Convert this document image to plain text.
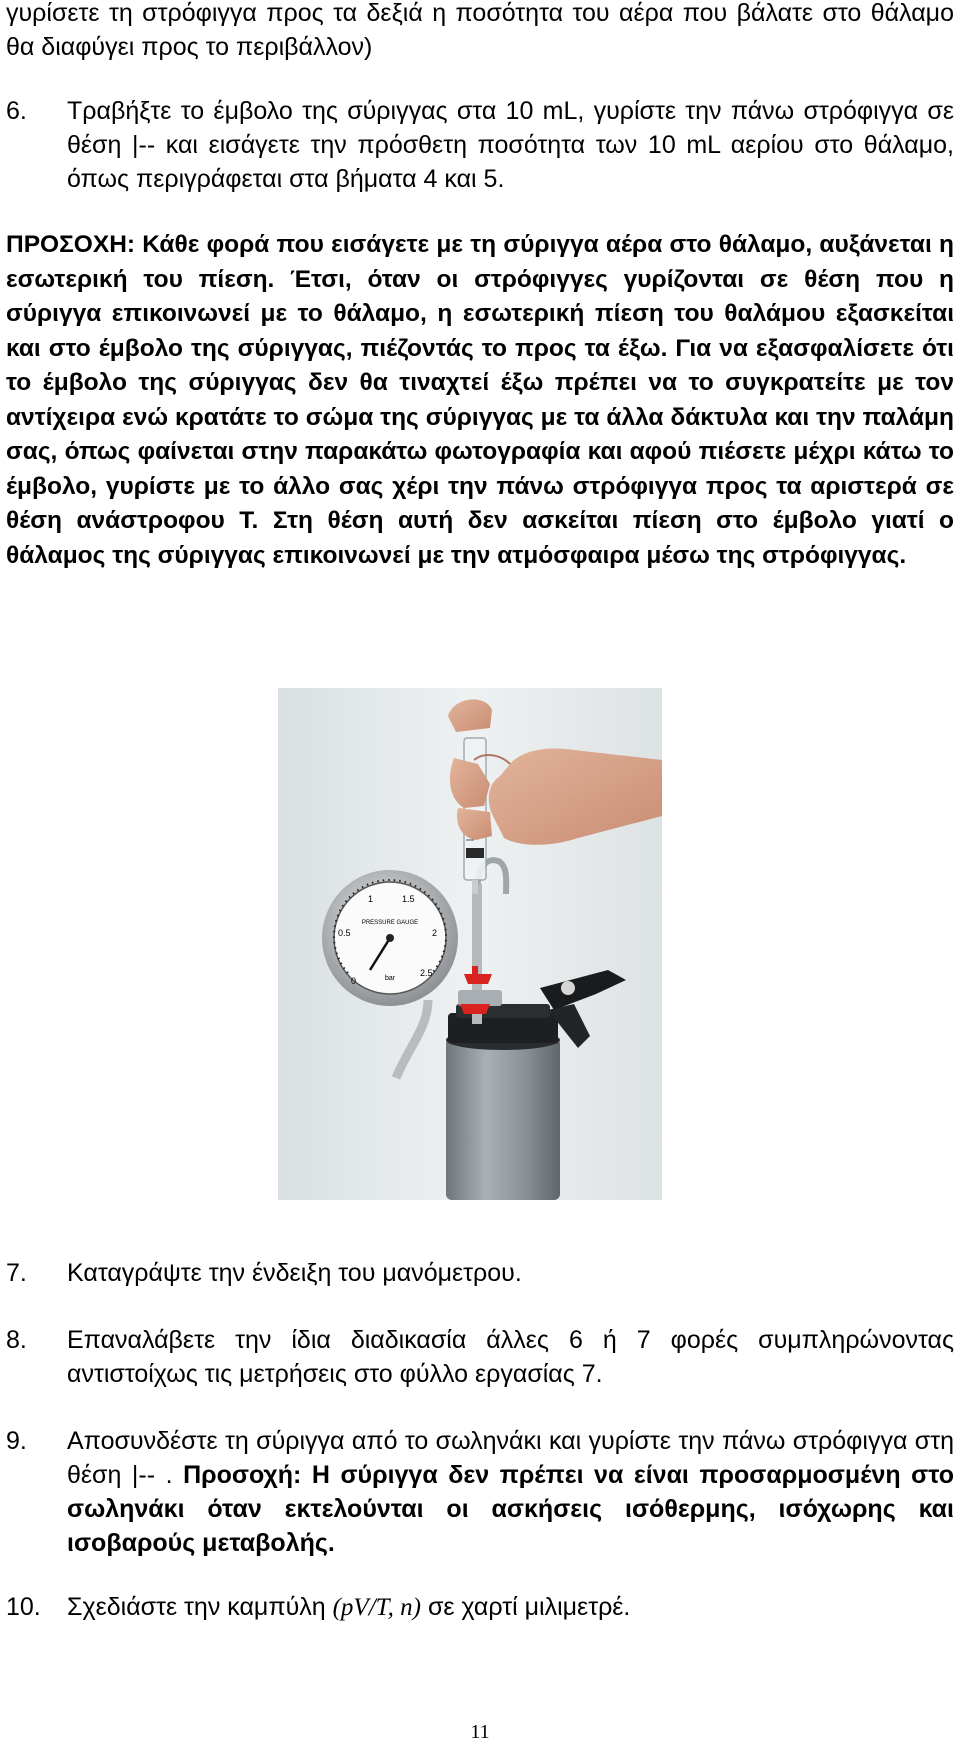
γυρίσετε τη στρόφιγγα προς τα δεξιά η ποσότητα του αέρα που βάλατε στο θάλαμο θα διαφύγει προς το περιβάλλον)

6. Τραβήξτε το έμβολο της σύριγγας στα 10 mL, γυρίστε την πάνω στρόφιγγα σε θέση |-- και εισάγετε την πρόσθετη ποσότητα των 10 mL αερίου στο θάλαμο, όπως περιγράφεται στα βήματα 4 και 5.

ΠΡΟΣΟΧΗ: Κάθε φορά που εισάγετε με τη σύριγγα αέρα στο θάλαμο, αυξάνεται η εσωτερική του πίεση. Έτσι, όταν οι στρόφιγγες γυρίζονται σε θέση που η σύριγγα επικοινωνεί με το θάλαμο, η εσωτερική πίεση του θαλάμου εξασκείται και στο έμβολο της σύριγγας, πιέζοντάς το προς τα έξω. Για να εξασφαλίσετε ότι το έμβολο της σύριγγας δεν θα τιναχτεί έξω πρέπει να το συγκρατείτε με τον αντίχειρα ενώ κρατάτε το σώμα της σύριγγας με τα άλλα δάκτυλα και την παλάμη σας, όπως φαίνεται στην παρακάτω φωτογραφία και αφού πιέσετε μέχρι κάτω το έμβολο, γυρίστε με το άλλο σας χέρι την πάνω στρόφιγγα προς τα αριστερά σε θέση ανάστροφου Τ. Στη θέση αυτή δεν ασκείται πίεση στο έμβολο γιατί ο θάλαμος της σύριγγας επικοινωνεί με την ατμόσφαιρα μέσω της στρόφιγγας.

0
0.5
1	1.5
2
2.5
PRESSURE GAUGE
bar
7. Καταγράψτε την ένδειξη του μανόμετρου.

8. Επαναλάβετε την ίδια διαδικασία άλλες 6 ή 7 φορές συμπληρώνοντας αντιστοίχως τις μετρήσεις στο φύλλο εργασίας 7.

9. Αποσυνδέστε τη σύριγγα από το σωληνάκι και γυρίστε την πάνω στρόφιγγα στη θέση |-- . Προσοχή: Η σύριγγα δεν πρέπει να είναι προσαρμοσμένη στο σωληνάκι όταν εκτελούνται οι ασκήσεις ισόθερμης, ισόχωρης και ισοβαρούς μεταβολής.

10. Σχεδιάστε την καμπύλη (pV/T, n) σε χαρτί μιλιμετρέ.

11
